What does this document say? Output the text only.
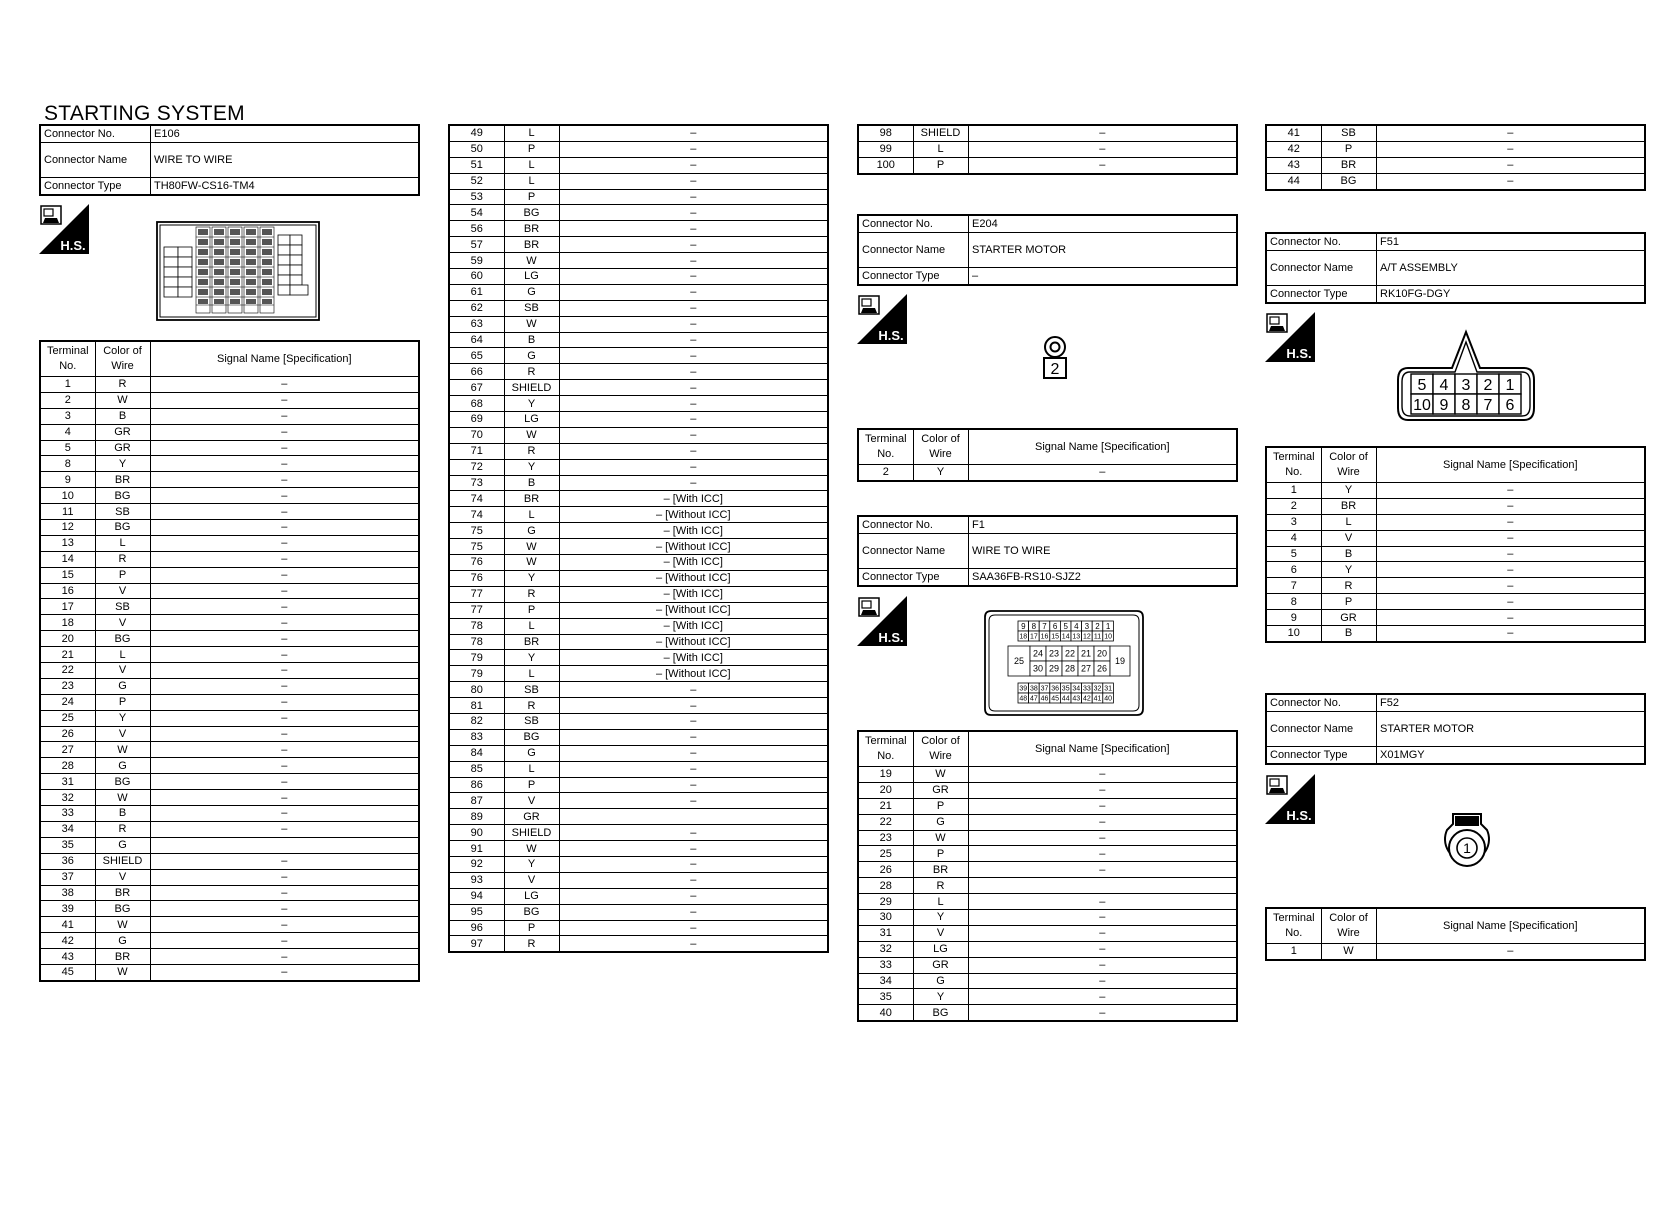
STARTING SYSTEM
Connector No.	E106
Connector Name	WIRE TO WIRE
Connector Type	TH80FW-CS16-TM4
H.S.
Terminal No.	Color of Wire	Signal Name [Specification]
1	R	–
2	W	–
3	B	–
4	GR	–
5	GR	–
8	Y	–
9	BR	–
10	BG	–
11	SB	–
12	BG	–
13	L	–
14	R	–
15	P	–
16	V	–
17	SB	–
18	V	–
20	BG	–
21	L	–
22	V	–
23	G	–
24	P	–
25	Y	–
26	V	–
27	W	–
28	G	–
31	BG	–
32	W	–
33	B	–
34	R	–
35	G	
36	SHIELD	–
37	V	–
38	BR	–
39	BG	–
41	W	–
42	G	–
43	BR	–
45	W	–
49	L	–
50	P	–
51	L	–
52	L	–
53	P	–
54	BG	–
56	BR	–
57	BR	–
59	W	–
60	LG	–
61	G	–
62	SB	–
63	W	–
64	B	–
65	G	–
66	R	–
67	SHIELD	–
68	Y	–
69	LG	–
70	W	–
71	R	–
72	Y	–
73	B	–
74	BR	– [With ICC]
74	L	– [Without ICC]
75	G	– [With ICC]
75	W	– [Without ICC]
76	W	– [With ICC]
76	Y	– [Without ICC]
77	R	– [With ICC]
77	P	– [Without ICC]
78	L	– [With ICC]
78	BR	– [Without ICC]
79	Y	– [With ICC]
79	L	– [Without ICC]
80	SB	–
81	R	–
82	SB	–
83	BG	–
84	G	–
85	L	–
86	P	–
87	V	–
89	GR	
90	SHIELD	–
91	W	–
92	Y	–
93	V	–
94	LG	–
95	BG	–
96	P	–
97	R	–
98	SHIELD	–
99	L	–
100	P	–
Connector No.	E204
Connector Name	STARTER MOTOR
Connector Type	–
H.S.
2
Terminal No.	Color of Wire	Signal Name [Specification]
2	Y	–
Connector No.	F1
Connector Name	WIRE TO WIRE
Connector Type	SAA36FB-RS10-SJZ2
H.S.
9 8 7 6 5 4 3 2 1
18 17 16 15 14 13 12 11 10
25
24 23 22 21 20
30 29 28 27 26
19
39 38 37 36 35 34 33 32 31
48 47 46 45 44 43 42 41 40
Terminal No.	Color of Wire	Signal Name [Specification]
19	W	–
20	GR	–
21	P	–
22	G	–
23	W	–
25	P	–
26	BR	–
28	R	
29	L	–
30	Y	–
31	V	–
32	LG	–
33	GR	–
34	G	–
35	Y	–
40	BG	–
41	SB	–
42	P	–
43	BR	–
44	BG	–
Connector No.	F51
Connector Name	A/T ASSEMBLY
Connector Type	RK10FG-DGY
H.S.
5 4 3 2 1
10 9 8 7 6
Terminal No.	Color of Wire	Signal Name [Specification]
1	Y	–
2	BR	–
3	L	–
4	V	–
5	B	–
6	Y	–
7	R	–
8	P	–
9	GR	–
10	B	–
Connector No.	F52
Connector Name	STARTER MOTOR
Connector Type	X01MGY
H.S.
1
Terminal No.	Color of Wire	Signal Name [Specification]
1	W	–
